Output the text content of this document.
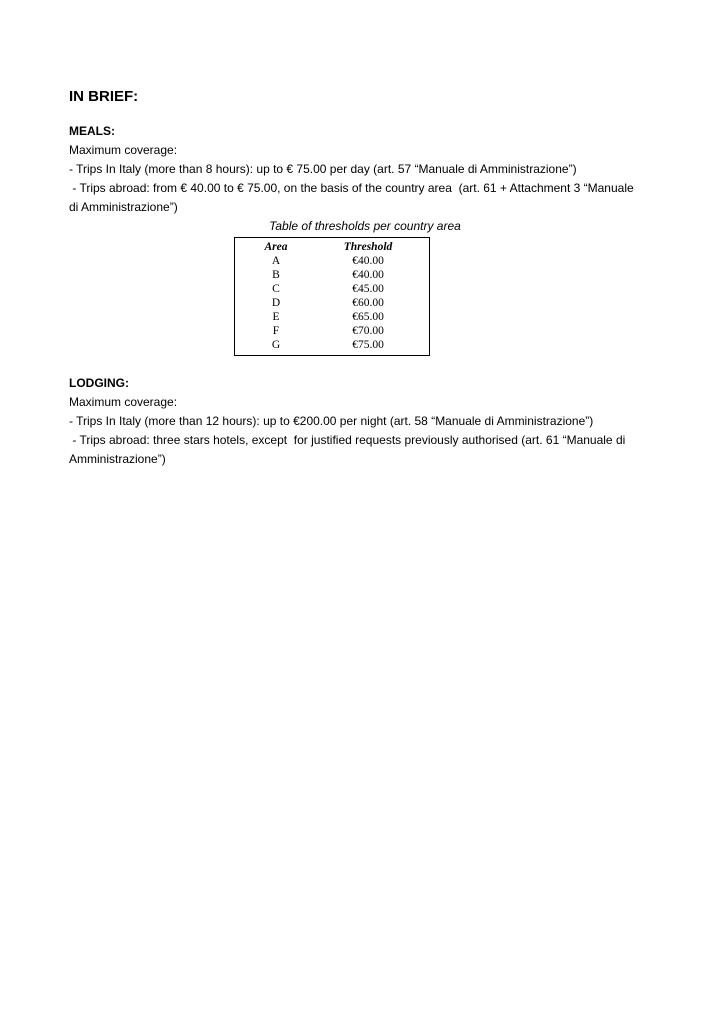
IN BRIEF:
MEALS:
Maximum coverage:
- Trips In Italy (more than 8 hours): up to € 75.00 per day (art. 57 “Manuale di Amministrazione”)
- Trips abroad: from € 40.00 to € 75.00, on the basis of the country area  (art. 61 + Attachment 3 “Manuale
di Amministrazione”)
Table of thresholds per country area
Area	Threshold
A	€40.00
B	€40.00
C	€45.00
D	€60.00
E	€65.00
F	€70.00
G	€75.00
LODGING:
Maximum coverage:
- Trips In Italy (more than 12 hours): up to €200.00 per night (art. 58 “Manuale di Amministrazione”)
- Trips abroad: three stars hotels, except  for justified requests previously authorised (art. 61 “Manuale di
Amministrazione”)
